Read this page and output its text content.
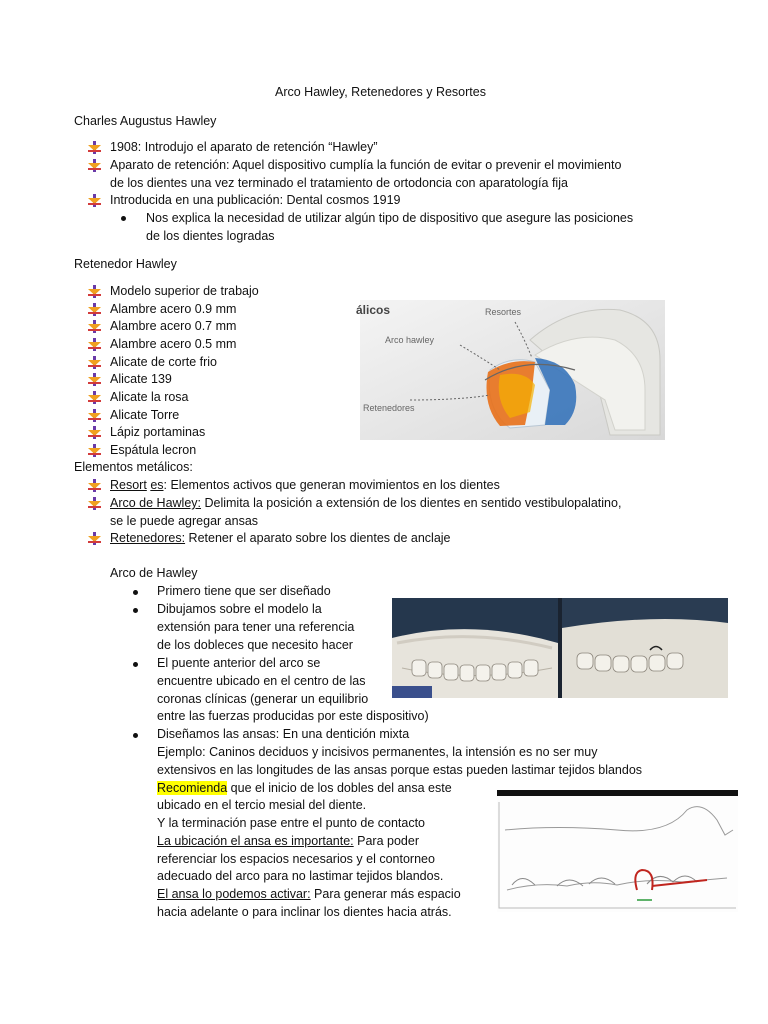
Arco Hawley, Retenedores y Resortes
Charles Augustus Hawley
1908: Introdujo el aparato de retención “Hawley”
Aparato de retención: Aquel dispositivo cumplía la función de evitar o prevenir el movimiento
de los dientes una vez terminado el tratamiento de ortodoncia con aparatología fija
Introducida en una publicación: Dental cosmos 1919
Nos explica la necesidad de utilizar algún tipo de dispositivo que asegure las posiciones
de los dientes logradas
Retenedor Hawley
Modelo superior de trabajo
Alambre acero 0.9 mm
Alambre acero 0.7 mm
Alambre acero 0.5 mm
Alicate de corte frio
Alicate 139
Alicate la rosa
Alicate Torre
Lápiz portaminas
Espátula lecron
álicos	Resortes
Arco hawley
Retenedores
Elementos metálicos:
Resort es: Elementos activos que generan movimientos en los dientes
Arco de Hawley: Delimita la posición a extensión de los dientes en sentido vestibulopalatino,
se le puede agregar ansas
Retenedores: Retener el aparato sobre los dientes de anclaje
Arco de Hawley
Primero tiene que ser diseñado
Dibujamos sobre el modelo la
extensión para tener una referencia
de los dobleces que necesito hacer
El puente anterior del arco se
encuentre ubicado en el centro de las
coronas clínicas (generar un equilibrio
entre las fuerzas producidas por este dispositivo)
Diseñamos las ansas: En una dentición mixta
Ejemplo: Caninos deciduos y incisivos permanentes, la intensión es no ser muy
extensivos en las longitudes de las ansas porque estas pueden lastimar tejidos blandos
Recomienda que el inicio de los dobles del ansa este
ubicado en el tercio mesial del diente.
Y la terminación pase entre el punto de contacto
La ubicación el ansa es importante: Para poder
referenciar los espacios necesarios y el contorneo
adecuado del arco para no lastimar tejidos blandos.
El ansa lo podemos activar: Para generar más espacio
hacia adelante o para inclinar los dientes hacia atrás.
